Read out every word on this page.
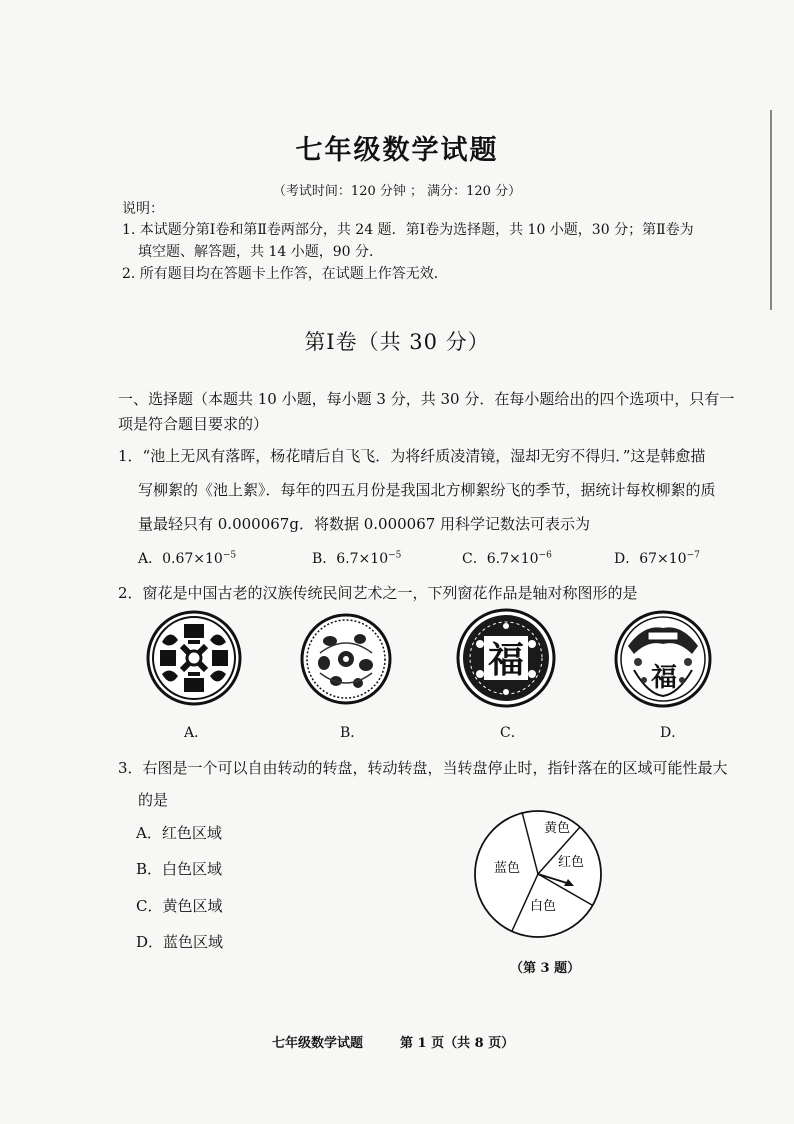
七年级数学试题
（考试时间：120 分钟 ； 满分：120 分）
说明：
1. 本试题分第Ⅰ卷和第Ⅱ卷两部分，共 24 题．第Ⅰ卷为选择题，共 10 小题，30 分；第Ⅱ卷为
填空题、解答题，共 14 小题，90 分．
2. 所有题目均在答题卡上作答，在试题上作答无效．
第Ⅰ卷（共 30 分）
一、选择题（本题共 10 小题，每小题 3 分，共 30 分．在每小题给出的四个选项中，只有一
项是符合题目要求的）
1．“池上无风有落晖，杨花晴后自飞飞．为将纤质凌清镜，湿却无穷不得归．”这是韩愈描
写柳絮的《池上絮》．每年的四五月份是我国北方柳絮纷飞的季节，据统计每枚柳絮的质
量最轻只有 0.000067g．将数据 0.000067 用科学记数法可表示为
A．$0.67\times 10^{-5}$	B．$6.7\times 10^{-5}$	C．$6.7\times 10^{-6}$	D．$67\times 10^{-7}$
2．窗花是中国古老的汉族传统民间艺术之一，下列窗花作品是轴对称图形的是
A．	B．
福
C．
福
D．
3．右图是一个可以自由转动的转盘，转动转盘，当转盘停止时，指针落在的区域可能性最大
的是
A．红色区域
B．白色区域
C．黄色区域
D．蓝色区域
黄色
红色
蓝色
白色
（第 3 题）
七年级数学试题	第 1 页（共 8 页）
